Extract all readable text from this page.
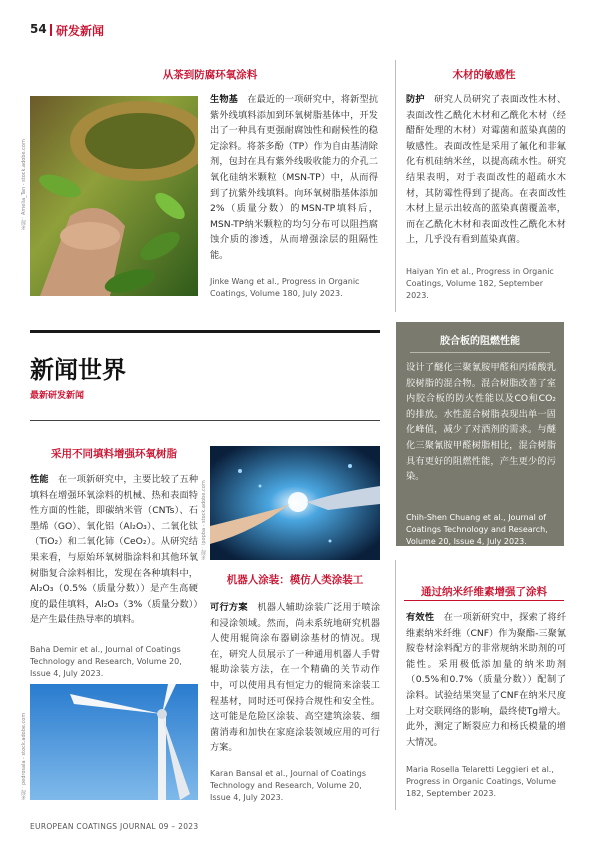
54 研发新闻
从茶到防腐环氧涂料
来源：Amelia_Tan - stock.adobe.com
生物基　 在最近的一项研究中，将新型抗紫外线填料添加到环氧树脂基体中，开发出了一种具有更强耐腐蚀性和耐候性的稳定涂料。将茶多酚（TP）作为自由基清除剂，包封在具有紫外线吸收能力的介孔二氧化硅纳米颗粒（MSN-TP）中，从而得到了抗紫外线填料。向环氧树脂基体添加2%（质量分数）的MSN-TP填料后，MSN-TP纳米颗粒的均匀分布可以阻挡腐蚀介质的渗透，从而增强涂层的阻隔性能。
Jinke Wang et al., Progress in Organic Coatings, Volume 180, July 2023.
木材的敏感性
防护　 研究人员研究了表面改性木材、表面改性乙酰化木材和乙酰化木材（经醋酐处理的木材）对霉菌和蓝染真菌的敏感性。表面改性是采用了氟化和非氟化有机硅纳米丝，以提高疏水性。研究结果表明，对于表面改性的超疏水木材，其防霉性得到了提高。在表面改性木材上显示出较高的蓝染真菌覆盖率，而在乙酰化木材和表面改性乙酰化木材上，几乎没有看到蓝染真菌。
Haiyan Yin et al., Progress in Organic Coatings, Volume 182, September 2023.
新闻世界
最新研发新闻
胶合板的阻燃性能
设计了醚化三聚氰胺甲醛和丙烯酸乳胶树脂的混合物。混合树脂改善了室内胶合板的防火性能以及CO和CO₂的排放。水性混合树脂表现出单一固化峰值，减少了对酒剂的需求。与醚化三聚氰胺甲醛树脂相比，混合树脂具有更好的阻燃性能，产生更少的污染。
Chih-Shen Chuang et al., Journal of Coatings Technology and Research, Volume 20, Issue 4, July 2023.
采用不同填料增强环氧树脂
性能　 在一项新研究中，主要比较了五种填料在增强环氧涂料的机械、热和表面特性方面的性能，即碳纳米管（CNTs）、石墨烯（GO）、氧化铝（Al₂O₃）、二氧化钛（TiO₂）和二氧化铈（CeO₂）。从研究结果来看，与原始环氧树脂涂料和其他环氧树脂复合涂料相比，发现在各种填料中，Al₂O₃（0.5%（质量分数））是产生高硬度的最佳填料，Al₂O₃（3%（质量分数））是产生最佳热导率的填料。
Baha Demir et al., Journal of Coatings Technology and Research, Volume 20, Issue 4, July 2023.
来源：ipopba - stock.adobe.com
机器人涂装：模仿人类涂装工
可行方案　 机器人辅助涂装广泛用于喷涂和浸涂领域。然而，尚未系统地研究机器人使用辊筒涂布器刷涂基材的情况。现在，研究人员展示了一种通用机器人手臂辊助涂装方法，在一个精确的关节动作中，可以使用具有恒定力的辊筒来涂装工程基材，同时还可保持合规性和安全性。这可能是危险区涂装、高空建筑涂装、细菌消毒和加快在家庭涂装领域应用的可行方案。
Karan Bansal et al., Journal of Coatings Technology and Research, Volume 20, Issue 4, July 2023.
来源：pedrosala - stock.adobe.com
通过纳米纤维素增强了涂料
有效性　 在一项新研究中，探索了将纤维素纳米纤维（CNF）作为聚酯-三聚氰胺卷材涂料配方的非常规纳米助剂的可能性。采用极低添加量的纳米助剂（0.5%和0.7%（质量分数））配制了涂料。试验结果突显了CNF在纳米尺度上对交联网络的影响，最终使Tg增大。此外，测定了断裂应力和杨氏模量的增大情况。
Maria Rosella Telaretti Leggieri et al., Progress in Organic Coatings, Volume 182, September 2023.
EUROPEAN COATINGS JOURNAL 09 – 2023
